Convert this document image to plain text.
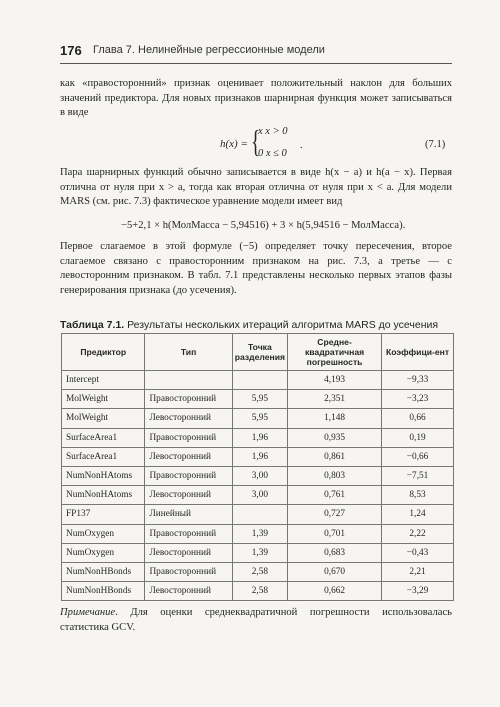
176 Глава 7. Нелинейные регрессионные модели

как «правосторонний» признак оценивает положительный наклон для больших значений предиктора. Для новых признаков шарнирная функция может записываться в виде

h(x) = {
x x > 0
0 x ≤ 0
.	(7.1)

Пара шарнирных функций обычно записывается в виде h(x − a) и h(a − x). Первая отлична от нуля при x > a, тогда как вторая отлична от нуля при x < a. Для модели MARS (см. рис. 7.3) фактическое уравнение модели имеет вид

−5+2,1 × h(МолМасса − 5,94516) + 3 × h(5,94516 − МолМасса).

Первое слагаемое в этой формуле (−5) определяет точку пересечения, второе слагаемое связано с правосторонним признаком на рис. 7.3, а третье — с левосторонним признаком. В табл. 7.1 представлены несколько первых этапов фазы генерирования признака (до усечения).

Таблица 7.1. Результаты нескольких итераций алгоритма MARS до усечения
Предиктор	Тип	Точка разделения	Средне-квадратичная погрешность	Коэффици-ент
Intercept			4,193	−9,33
MolWeight	Правосторонний	5,95	2,351	−3,23
MolWeight	Левосторонний	5,95	1,148	0,66
SurfaceArea1	Правосторонний	1,96	0,935	0,19
SurfaceArea1	Левосторонний	1,96	0,861	−0,66
NumNonHAtoms	Правосторонний	3,00	0,803	−7,51
NumNonHAtoms	Левосторонний	3,00	0,761	8,53
FP137	Линейный		0,727	1,24
NumOxygen	Правосторонний	1,39	0,701	2,22
NumOxygen	Левосторонний	1,39	0,683	−0,43
NumNonHBonds	Правосторонний	2,58	0,670	2,21
NumNonHBonds	Левосторонний	2,58	0,662	−3,29
Примечание. Для оценки среднеквадратичной погрешности использовалась статистика GCV.
